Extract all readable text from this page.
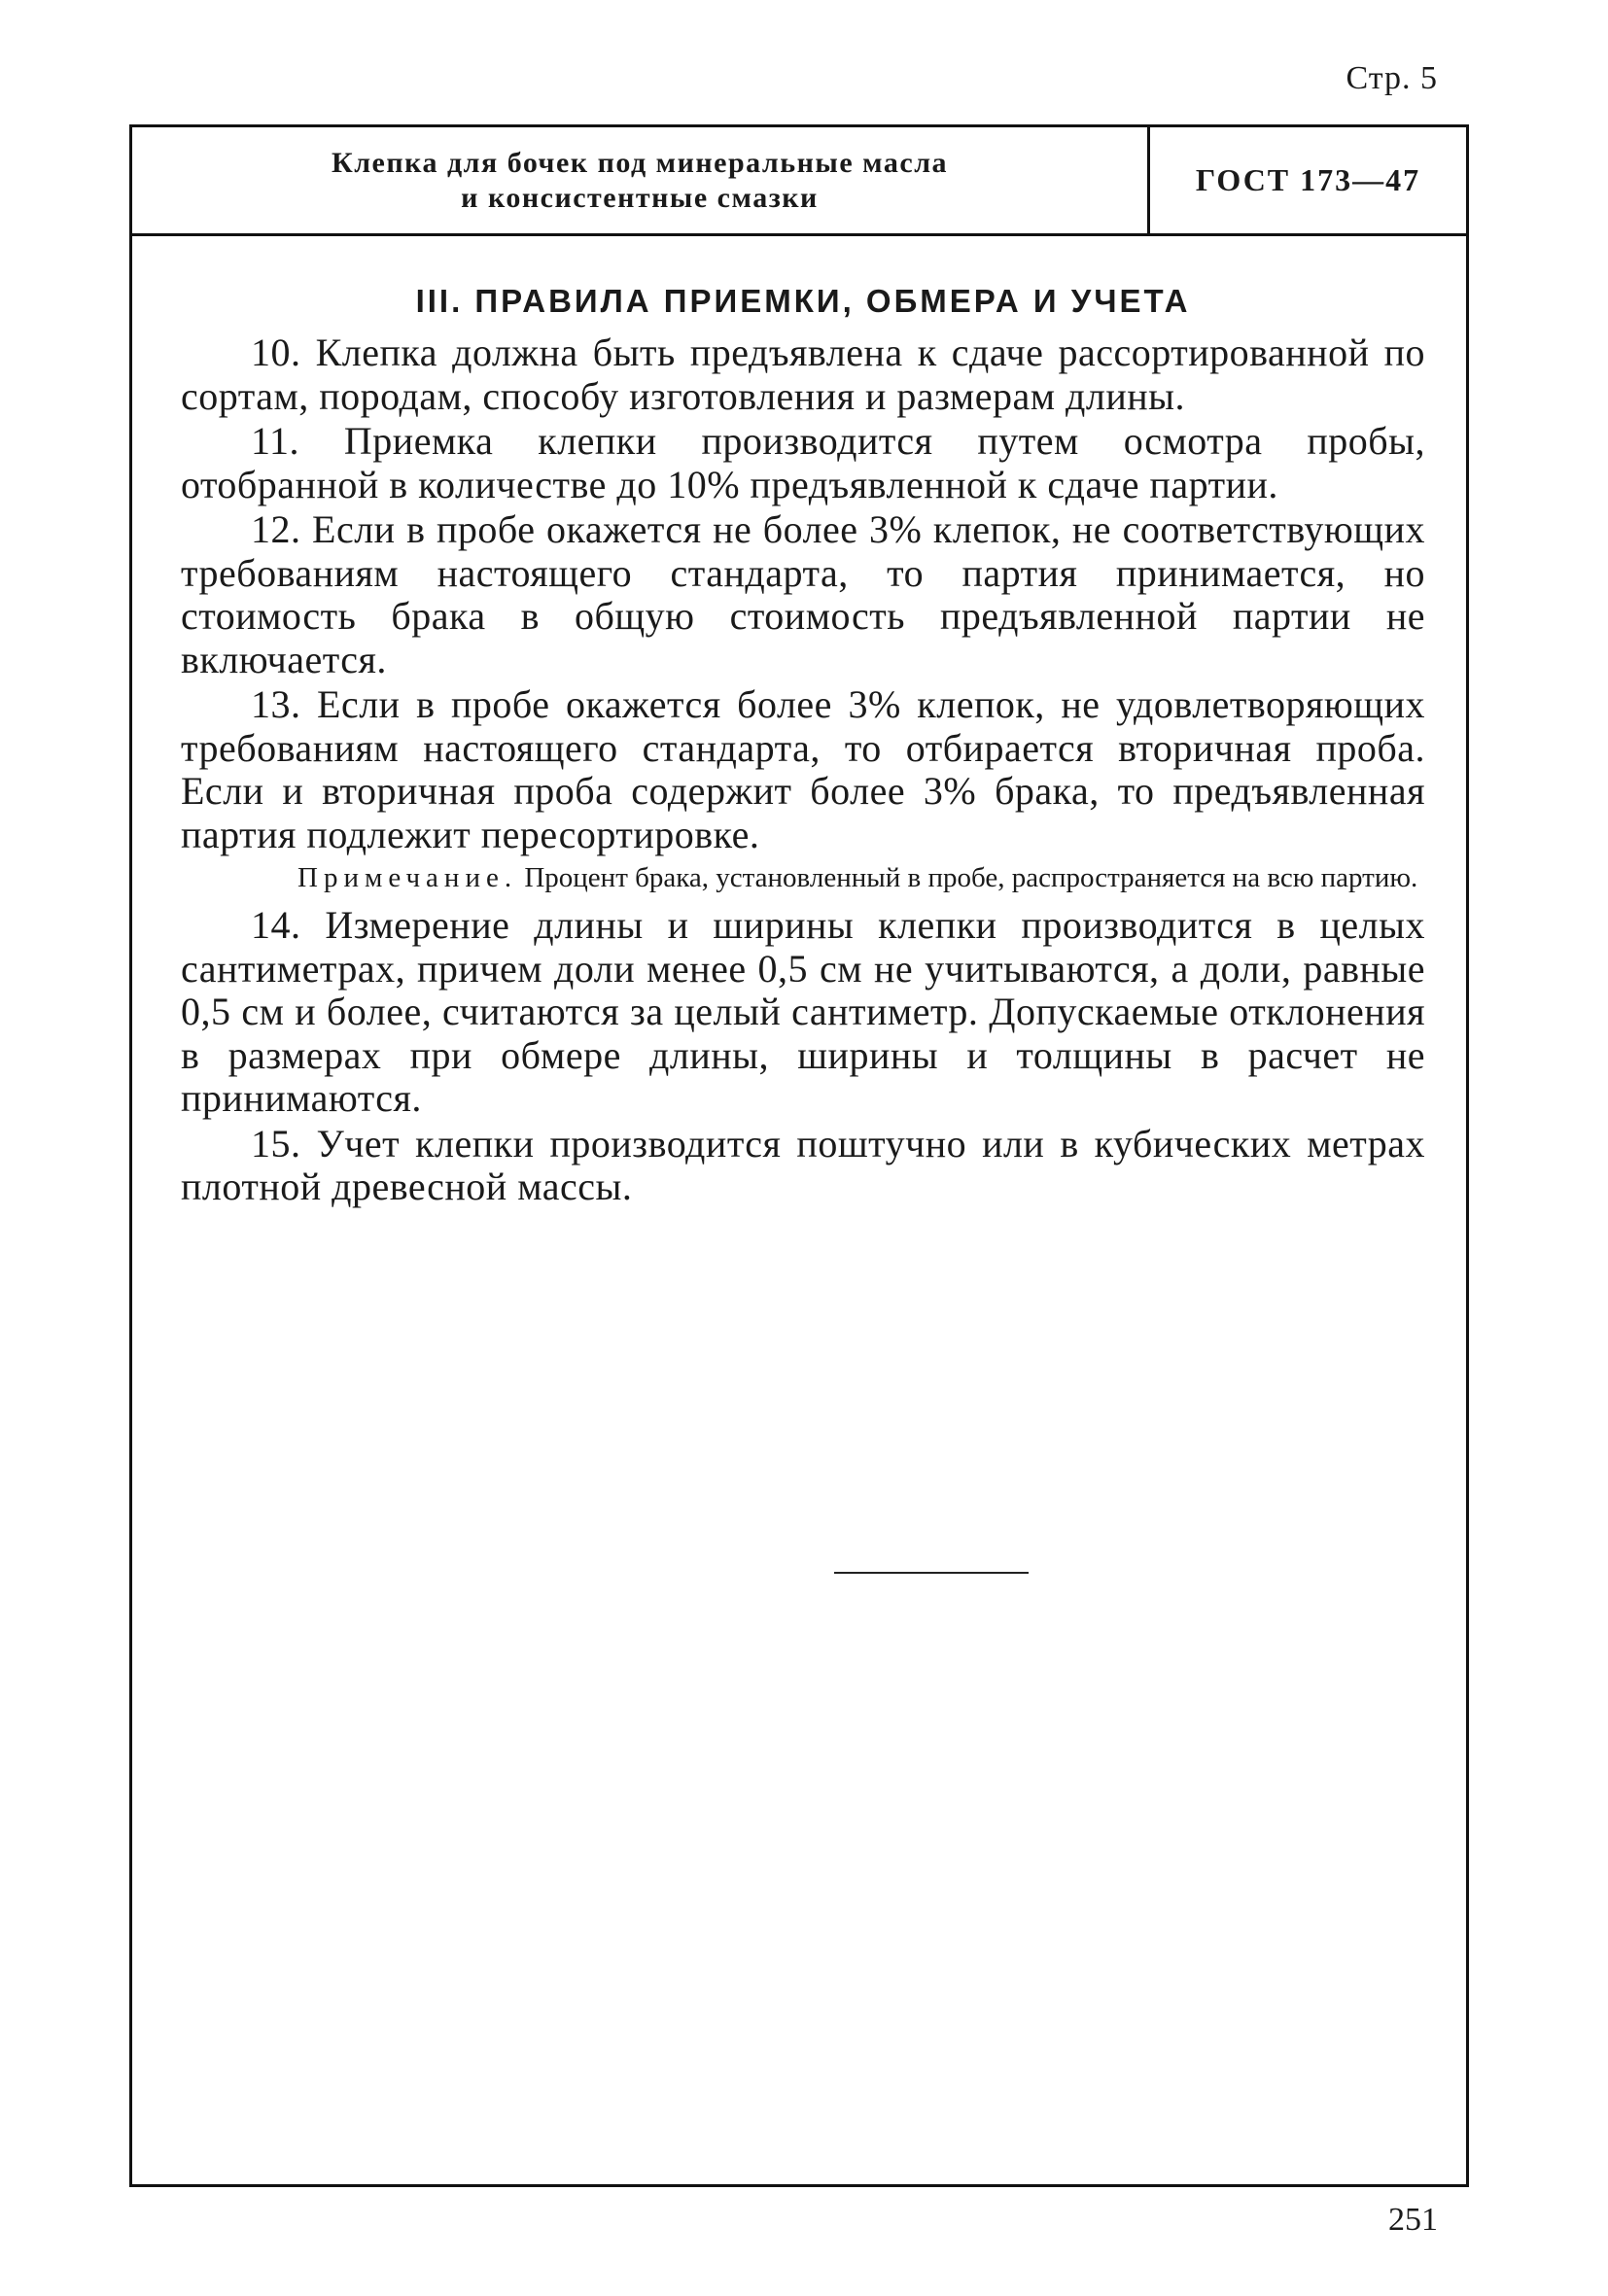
Стр. 5
Клепка для бочек под минеральные масла
и консистентные смазки	ГОСТ 173—47
III. ПРАВИЛА ПРИЕМКИ, ОБМЕРА И УЧЕТА

10. Клепка должна быть предъявлена к сдаче рассортированной по сортам, породам, способу изготовления и размерам длины.

11. Приемка клепки производится путем осмотра пробы, отобранной в количестве до 10% предъявленной к сдаче партии.

12. Если в пробе окажется не более 3% клепок, не соответствующих требованиям настоящего стандарта, то партия принимается, но стоимость брака в общую стоимость предъявленной партии не включается.

13. Если в пробе окажется более 3% клепок, не удовлетворяющих требованиям настоящего стандарта, то отбирается вторичная проба. Если и вторичная проба содержит более 3% брака, то предъявленная партия подлежит пересортировке.

Примечание. Процент брака, установленный в пробе, распространяется на всю партию.

14. Измерение длины и ширины клепки производится в целых сантиметрах, причем доли менее 0,5 см не учитываются, а доли, равные 0,5 см и более, считаются за целый сантиметр. Допускаемые отклонения в размерах при обмере длины, ширины и толщины в расчет не принимаются.

15. Учет клепки производится поштучно или в кубических метрах плотной древесной массы.

251
